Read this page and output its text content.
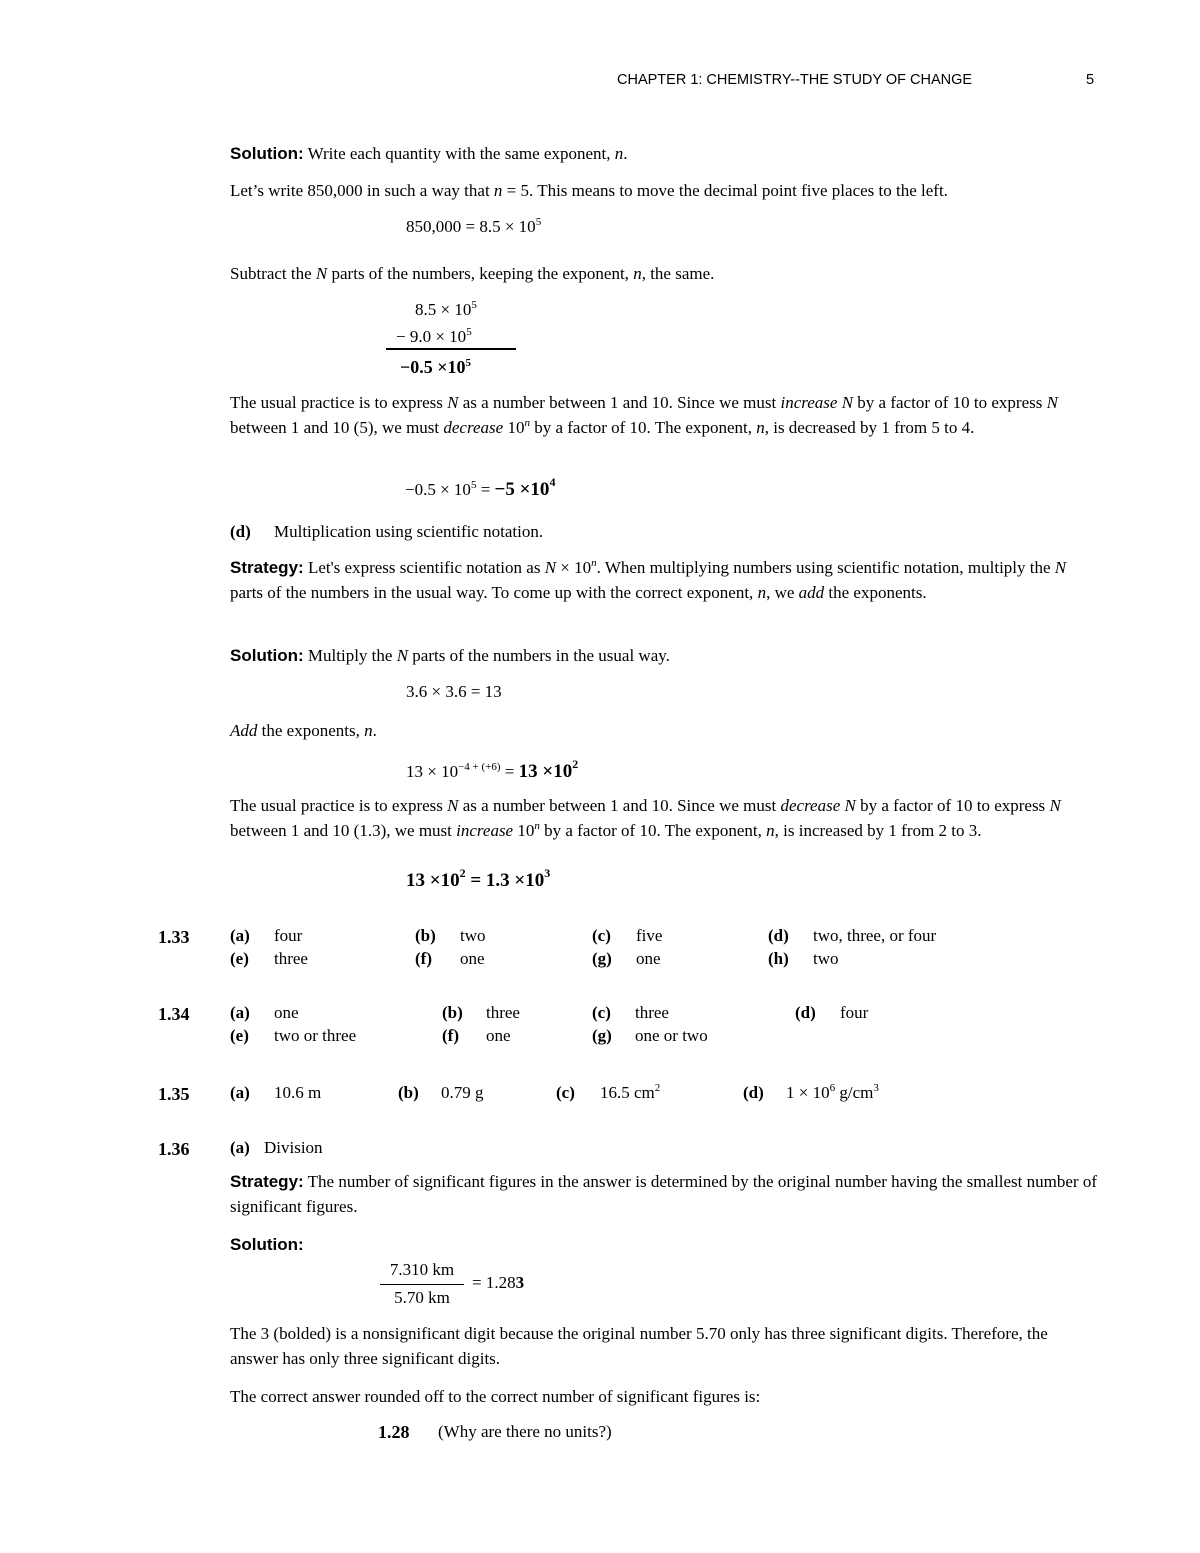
CHAPTER 1: CHEMISTRY--THE STUDY OF CHANGE	5
Solution: Write each quantity with the same exponent, n.
Let’s write 850,000 in such a way that n = 5. This means to move the decimal point five places to the left.
$850,000 = 8.5 \times 10^5$
Subtract the N parts of the numbers, keeping the exponent, n, the same.
$8.5 \times 10^5$
− $9.0 \times 10^5$
$-0.5 \times 10^5$
The usual practice is to express N as a number between 1 and 10. Since we must increase N by a factor of 10 to express N between 1 and 10 (5), we must decrease 10$^n$ by a factor of 10. The exponent, n, is decreased by 1 from 5 to 4.
$-0.5 \times 10^5 = -5 \times 10^4$
(d) Multiplication using scientific notation.
Strategy: Let's express scientific notation as $N \times 10^n$. When multiplying numbers using scientific notation, multiply the N parts of the numbers in the usual way. To come up with the correct exponent, n, we add the exponents.
Solution: Multiply the N parts of the numbers in the usual way.
3.6 × 3.6 = 13
Add the exponents, n.
$13 \times 10^{-4 + (+6)} = 13 \times 10^2$
The usual practice is to express N as a number between 1 and 10. Since we must decrease N by a factor of 10 to express N between 1 and 10 (1.3), we must increase 10$^n$ by a factor of 10. The exponent, n, is increased by 1 from 2 to 3.
$13 \times 10^2 = 1.3 \times 10^3$
1.33 (a) four	(b) two	(c) five	(d) two, three, or four
(e) three	(f) one	(g) one	(h) two
1.34 (a) one	(b) three	(c) three	(d) four
(e) two or three	(f) one	(g) one or two
1.35 (a) 10.6 m	(b) 0.79 g	(c) 16.5 $cm^2$	(d) $1 \times 10^6$ $g/cm^3$
1.36 (a) Division
Strategy: The number of significant figures in the answer is determined by the original number having the smallest number of significant figures.
Solution:
7.310 km
5.70 km
= 1.283
The 3 (bolded) is a nonsignificant digit because the original number 5.70 only has three significant digits. Therefore, the answer has only three significant digits.
The correct answer rounded off to the correct number of significant figures is:
1.28 (Why are there no units?)
